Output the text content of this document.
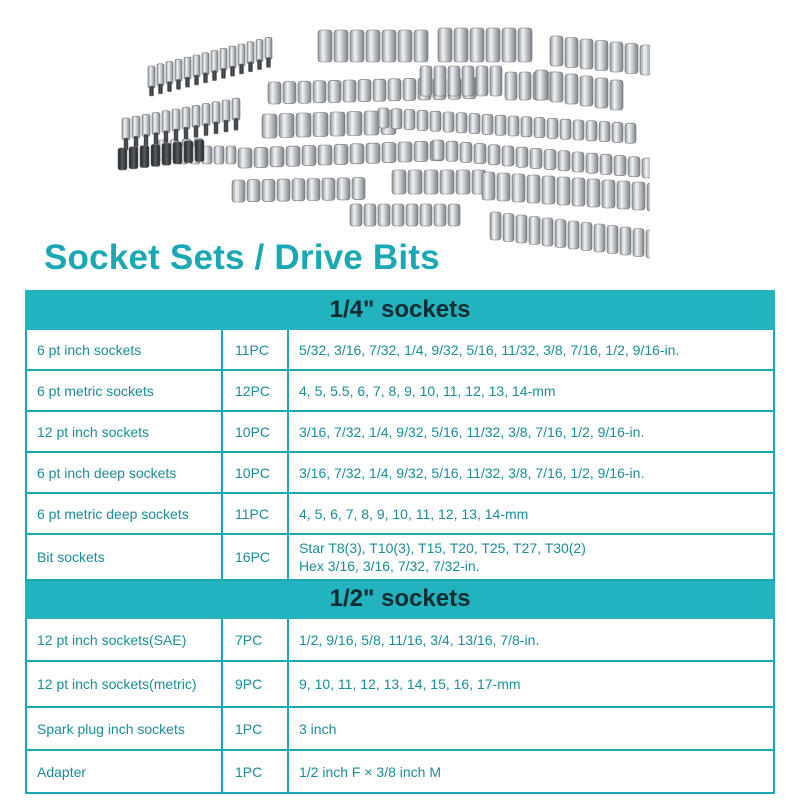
Socket Sets / Drive Bits
1/4" sockets		
6 pt inch sockets	11PC	5/32, 3/16, 7/32, 1/4, 9/32, 5/16, 11/32, 3/8, 7/16, 1/2, 9/16-in.

6 pt metric sockets	12PC	4, 5, 5.5, 6, 7, 8, 9, 10, 11, 12, 13, 14-mm

12 pt inch sockets	10PC	3/16, 7/32, 1/4, 9/32, 5/16, 11/32, 3/8, 7/16, 1/2, 9/16-in.

6 pt inch deep sockets	10PC	3/16, 7/32, 1/4, 9/32, 5/16, 11/32, 3/8, 7/16, 1/2, 9/16-in.

6 pt metric deep sockets	11PC	4, 5, 6, 7, 8, 9, 10, 11, 12, 13, 14-mm

Bit sockets	16PC	Star T8(3), T10(3), T15, T20, T25, T27, T30(2)
Hex 3/16, 3/16, 7/32, 7/32-in.

1/2" sockets		
12 pt inch sockets(SAE)	7PC	1/2, 9/16, 5/8, 11/16, 3/4, 13/16, 7/8-in.

12 pt inch sockets(metric)	9PC	9, 10, 11, 12, 13, 14, 15, 16, 17-mm

Spark plug inch sockets	1PC	3 inch

Adapter	1PC	1/2 inch F × 3/8 inch M
